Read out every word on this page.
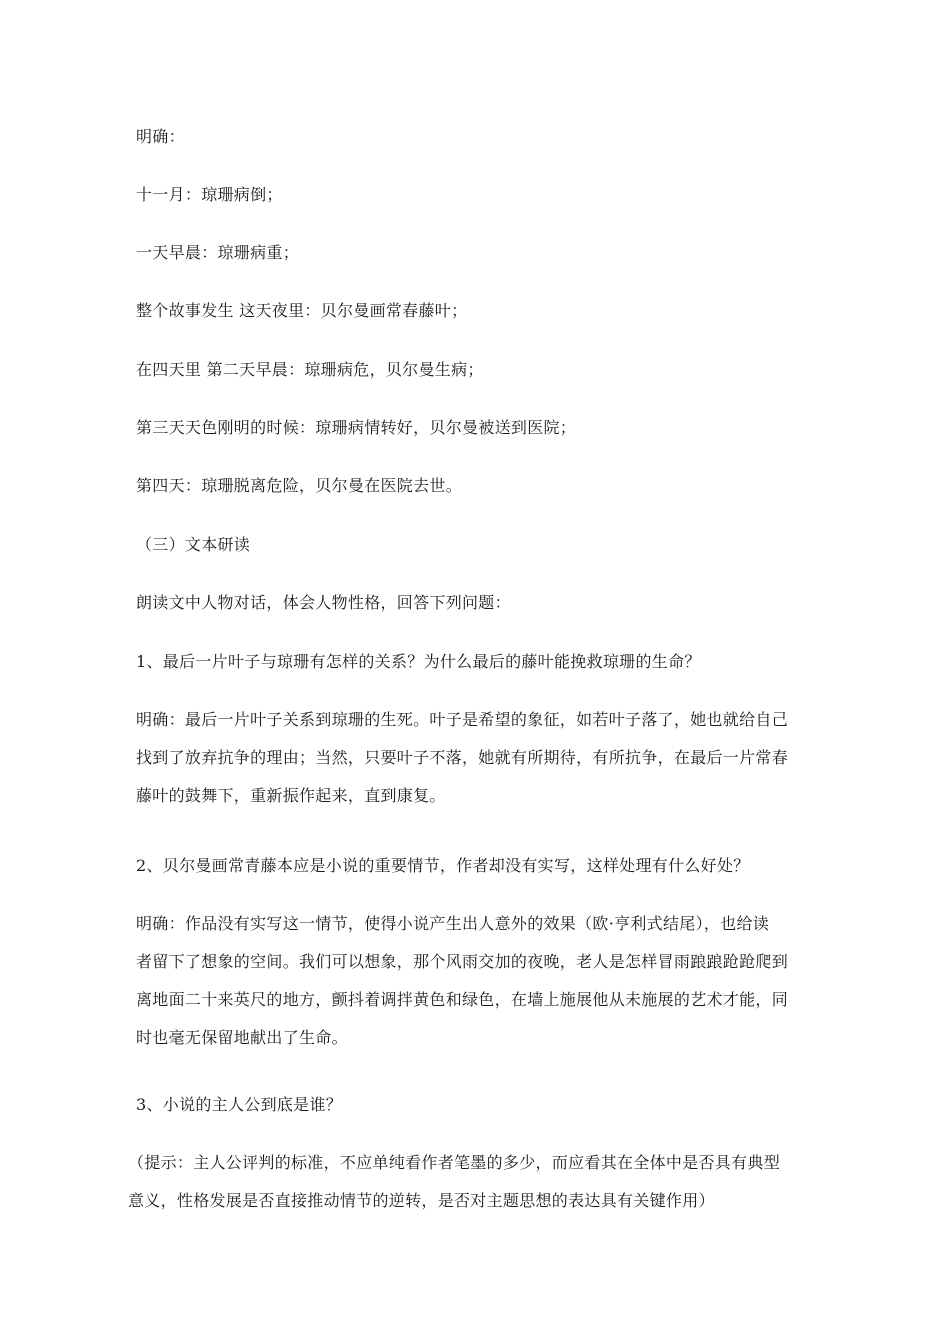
明确：

十一月：琼珊病倒；

一天早晨：琼珊病重；

整个故事发生 这天夜里：贝尔曼画常春藤叶；

在四天里 第二天早晨：琼珊病危，贝尔曼生病；

第三天天色刚明的时候：琼珊病情转好，贝尔曼被送到医院；

第四天：琼珊脱离危险，贝尔曼在医院去世。

（三）文本研读

朗读文中人物对话，体会人物性格，回答下列问题：

1、最后一片叶子与琼珊有怎样的关系？为什么最后的藤叶能挽救琼珊的生命？

明确：最后一片叶子关系到琼珊的生死。叶子是希望的象征，如若叶子落了，她也就给自己
找到了放弃抗争的理由；当然，只要叶子不落，她就有所期待，有所抗争，在最后一片常春
藤叶的鼓舞下，重新振作起来，直到康复。

2、贝尔曼画常青藤本应是小说的重要情节，作者却没有实写，这样处理有什么好处？

明确：作品没有实写这一情节，使得小说产生出人意外的效果（欧·亨利式结尾），也给读
者留下了想象的空间。我们可以想象，那个风雨交加的夜晚，老人是怎样冒雨踉踉跄跄爬到
离地面二十来英尺的地方，颤抖着调拌黄色和绿色，在墙上施展他从未施展的艺术才能，同
时也毫无保留地献出了生命。

3、小说的主人公到底是谁？

（提示：主人公评判的标准，不应单纯看作者笔墨的多少，而应看其在全体中是否具有典型
意义，性格发展是否直接推动情节的逆转，是否对主题思想的表达具有关键作用）
